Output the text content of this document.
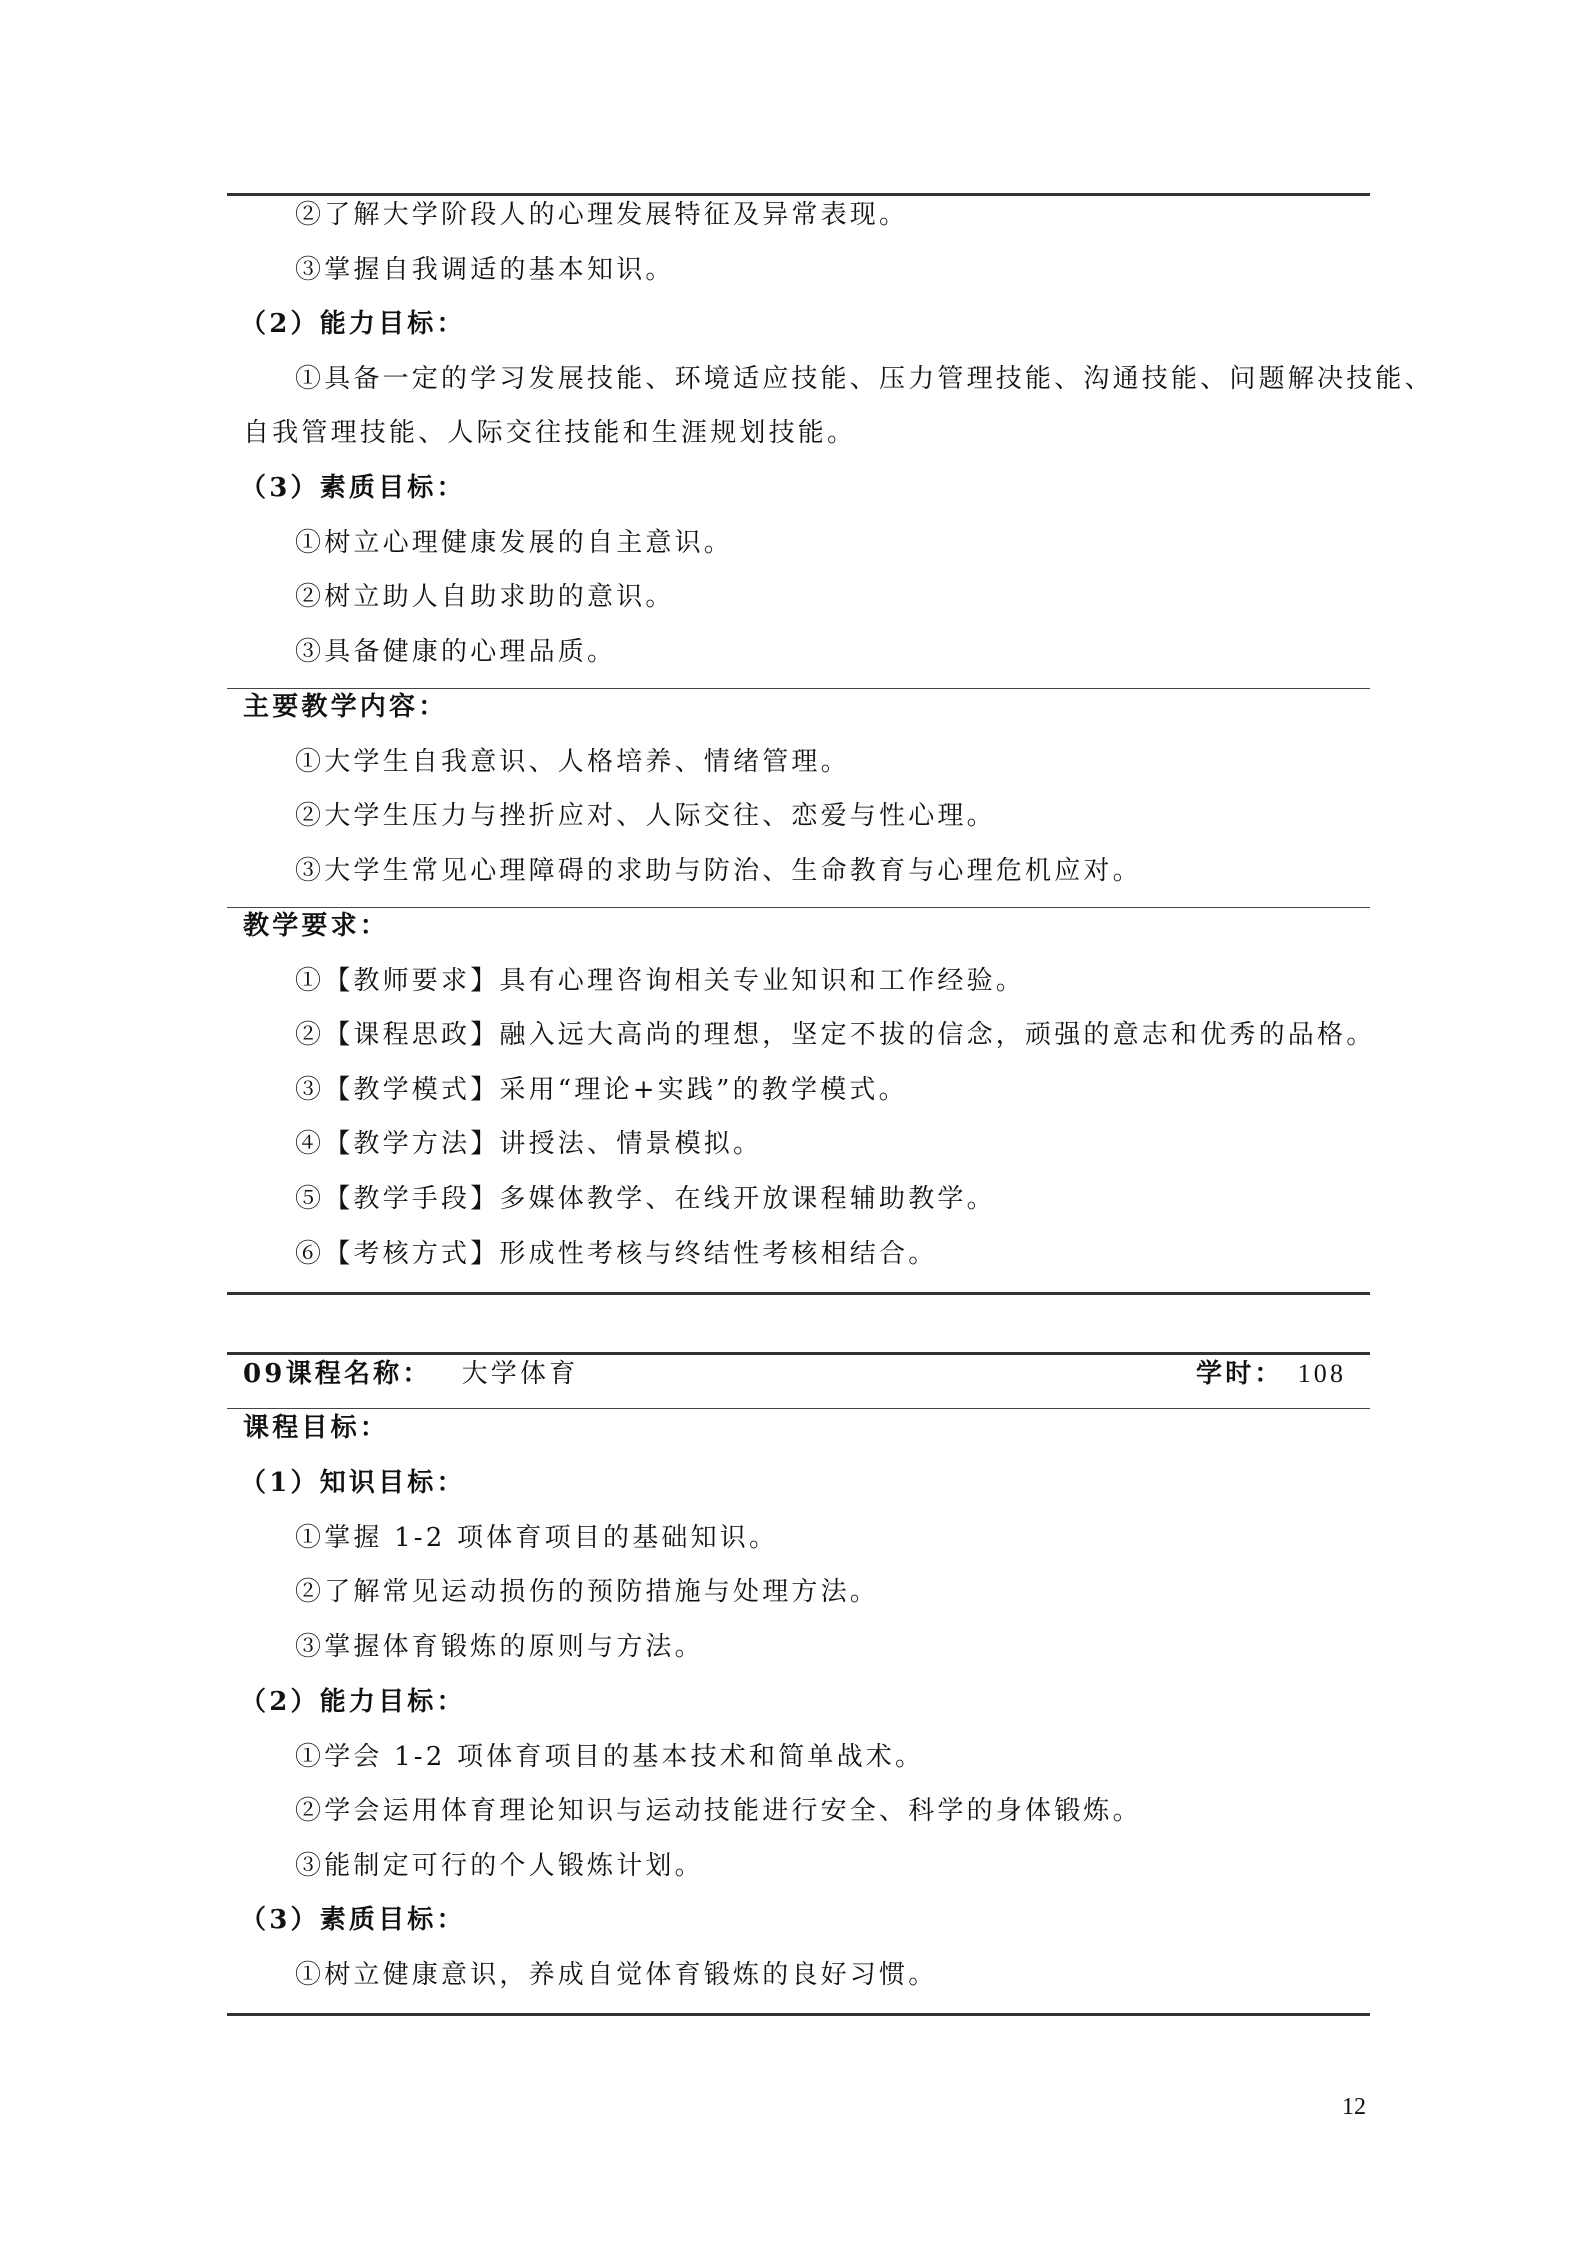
②了解大学阶段人的心理发展特征及异常表现。
③掌握自我调适的基本知识。
（2）能力目标：
①具备一定的学习发展技能、环境适应技能、压力管理技能、沟通技能、问题解决技能、
自我管理技能、人际交往技能和生涯规划技能。
（3）素质目标：
①树立心理健康发展的自主意识。
②树立助人自助求助的意识。
③具备健康的心理品质。
主要教学内容：
①大学生自我意识、人格培养、情绪管理。
②大学生压力与挫折应对、人际交往、恋爱与性心理。
③大学生常见心理障碍的求助与防治、生命教育与心理危机应对。
教学要求：
①【教师要求】具有心理咨询相关专业知识和工作经验。
②【课程思政】融入远大高尚的理想，坚定不拔的信念，顽强的意志和优秀的品格。
③【教学模式】采用“理论+实践”的教学模式。
④【教学方法】讲授法、情景模拟。
⑤【教学手段】多媒体教学、在线开放课程辅助教学。
⑥【考核方式】形成性考核与终结性考核相结合。
09课程名称： 大学体育	学时： 108
课程目标：
（1）知识目标：
①掌握 1-2 项体育项目的基础知识。
②了解常见运动损伤的预防措施与处理方法。
③掌握体育锻炼的原则与方法。
（2）能力目标：
①学会 1-2 项体育项目的基本技术和简单战术。
②学会运用体育理论知识与运动技能进行安全、科学的身体锻炼。
③能制定可行的个人锻炼计划。
（3）素质目标：
①树立健康意识，养成自觉体育锻炼的良好习惯。
12
